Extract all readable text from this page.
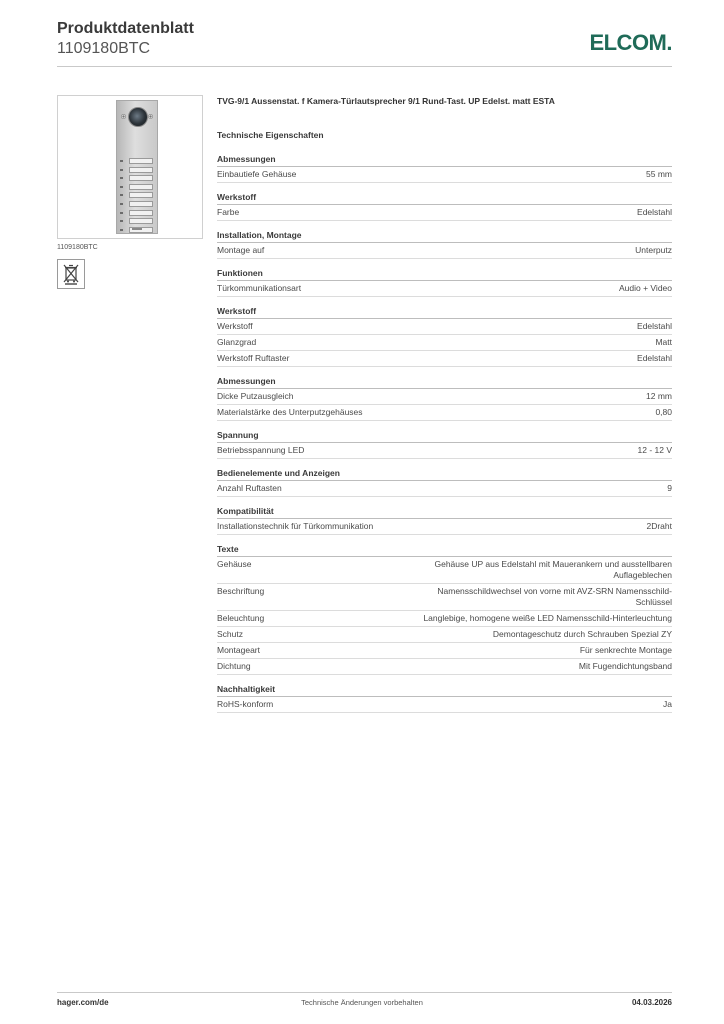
Produktdatenblatt
1109180BTC	ELCOM.
1109180BTC
TVG-9/1 Aussenstat. f Kamera-Türlautsprecher 9/1 Rund-Tast. UP Edelst. matt ESTA
Technische Eigenschaften
Abmessungen
Einbautiefe Gehäuse	55 mm
Werkstoff
Farbe	Edelstahl
Installation, Montage
Montage auf	Unterputz
Funktionen
Türkommunikationsart	Audio + Video
Werkstoff
Werkstoff	Edelstahl
Glanzgrad	Matt
Werkstoff Ruftaster	Edelstahl
Abmessungen
Dicke Putzausgleich	12 mm
Materialstärke des Unterputzgehäuses	0,80
Spannung
Betriebsspannung LED	12 - 12 V
Bedienelemente und Anzeigen
Anzahl Ruftasten	9
Kompatibilität
Installationstechnik für Türkommunikation	2Draht
Texte
Gehäuse	Gehäuse UP aus Edelstahl mit Mauerankern und ausstellbaren Auflageblechen
Beschriftung	Namensschildwechsel von vorne mit AVZ-SRN Namensschild-Schlüssel
Beleuchtung	Langlebige, homogene weiße LED Namensschild-Hinterleuchtung
Schutz	Demontageschutz durch Schrauben Spezial ZY
Montageart	Für senkrechte Montage
Dichtung	Mit Fugendichtungsband
Nachhaltigkeit
RoHS-konform	Ja
hager.com/de	Technische Änderungen vorbehalten	04.03.2026
